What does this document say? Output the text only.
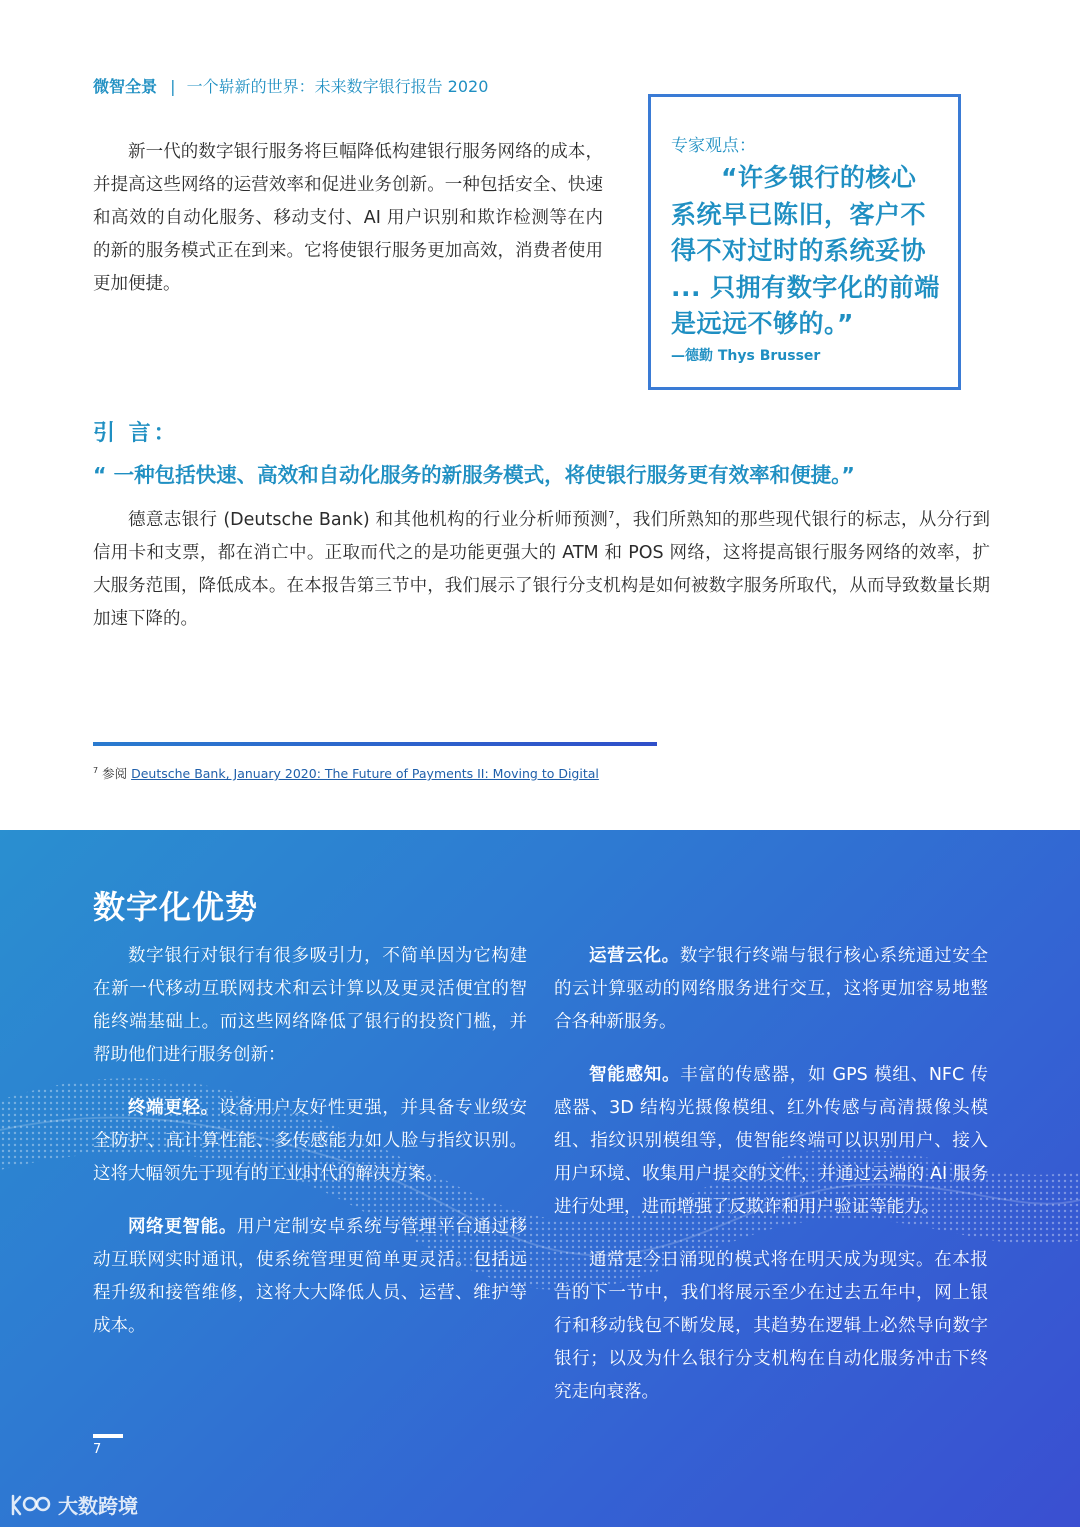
微智全景 | 一个崭新的世界：未来数字银行报告 2020

新一代的数字银行服务将巨幅降低构建银行服务网络的成本，并提高这些网络的运营效率和促进业务创新。一种包括安全、快速和高效的自动化服务、移动支付、AI 用户识别和欺诈检测等在内的新的服务模式正在到来。它将使银行服务更加高效，消费者使用更加便捷。

专家观点：
“许多银行的核心系统早已陈旧，客户不得不对过时的系统妥协 ... 只拥有数字化的前端是远远不够的。”
—德勤 Thys Brusser
引 言：
“ 一种包括快速、高效和自动化服务的新服务模式，将使银行服务更有效率和便捷。”

德意志银行 (Deutsche Bank) 和其他机构的行业分析师预测$^7$，我们所熟知的那些现代银行的标志，从分行到信用卡和支票，都在消亡中。正取而代之的是功能更强大的 ATM 和 POS 网络，这将提高银行服务网络的效率，扩大服务范围，降低成本。在本报告第三节中，我们展示了银行分支机构是如何被数字服务所取代，从而导致数量长期加速下降的。

$^7$ 参阅 Deutsche Bank, January 2020: The Future of Payments II: Moving to Digital
数字化优势

数字银行对银行有很多吸引力，不简单因为它构建在新一代移动互联网技术和云计算以及更灵活便宜的智能终端基础上。而这些网络降低了银行的投资门槛，并帮助他们进行服务创新：

终端更轻。设备用户友好性更强，并具备专业级安全防护、高计算性能、多传感能力如人脸与指纹识别。这将大幅领先于现有的工业时代的解决方案。

网络更智能。用户定制安卓系统与管理平台通过移动互联网实时通讯，使系统管理更简单更灵活。包括远程升级和接管维修，这将大大降低人员、运营、维护等成本。

运营云化。数字银行终端与银行核心系统通过安全的云计算驱动的网络服务进行交互，这将更加容易地整合各种新服务。

智能感知。丰富的传感器，如 GPS 模组、NFC 传感器、3D 结构光摄像模组、红外传感与高清摄像头模组、指纹识别模组等，使智能终端可以识别用户、接入用户环境、收集用户提交的文件，并通过云端的 AI 服务进行处理，进而增强了反欺诈和用户验证等能力。

通常是今日涌现的模式将在明天成为现实。在本报告的下一节中，我们将展示至少在过去五年中，网上银行和移动钱包不断发展，其趋势在逻辑上必然导向数字银行；以及为什么银行分支机构在自动化服务冲击下终究走向衰落。

7
大数跨境
